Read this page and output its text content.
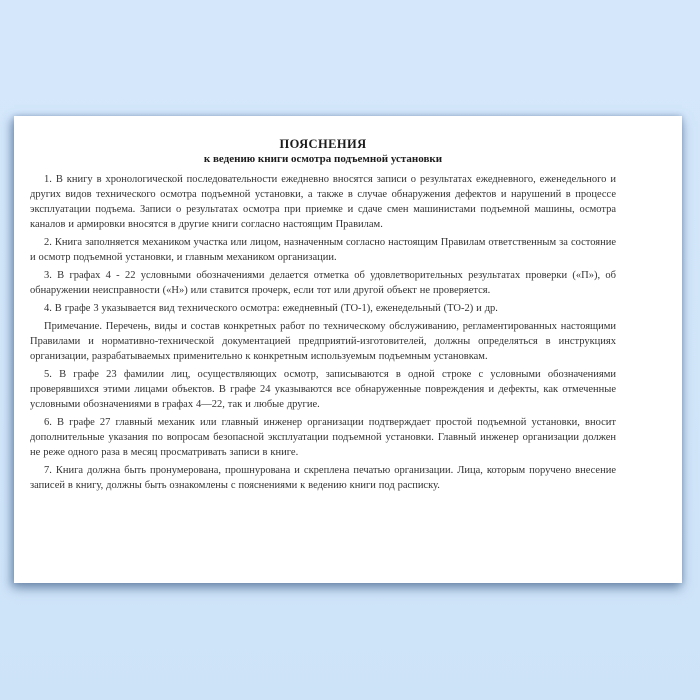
ПОЯСНЕНИЯ
к ведению книги осмотра подъемной установки

1. В книгу в хронологической последовательности ежедневно вносятся записи о результатах ежедневного, еженедельного и других видов технического осмотра подъемной установки, а также в случае обнаружения дефектов и нарушений в процессе эксплуатации подъема. Записи о результатах осмотра при приемке и сдаче смен машинистами подъемной машины, осмотра каналов и армировки вносятся в другие книги согласно настоящим Правилам.

2. Книга заполняется механиком участка или лицом, назначенным согласно настоящим Правилам ответственным за состояние и осмотр подъемной установки, и главным механиком организации.

3. В графах 4 - 22 условными обозначениями делается отметка об удовлетворительных результатах проверки («П»), об обнаружении неисправности («Н») или ставится прочерк, если тот или другой объект не проверяется.

4. В графе 3 указывается вид технического осмотра: ежедневный (ТО-1), еженедельный (ТО-2) и др.

Примечание. Перечень, виды и состав конкретных работ по техническому обслуживанию, регламентированных настоящими Правилами и нормативно-технической документацией предприятий-изготовителей, должны определяться в инструкциях организации, разрабатываемых применительно к конкретным используемым подъемным установкам.

5. В графе 23 фамилии лиц, осуществляющих осмотр, записываются в одной строке с условными обозначениями проверявшихся этими лицами объектов. В графе 24 указываются все обнаруженные повреждения и дефекты, как отмеченные условными обозначениями в графах 4—22, так и любые другие.

6. В графе 27 главный механик или главный инженер организации подтверждает простой подъемной установки, вносит дополнительные указания по вопросам безопасной эксплуатации подъемной установки. Главный инженер организации должен не реже одного раза в месяц просматривать записи в книге.

7. Книга должна быть пронумерована, прошнурована и скреплена печатью организации. Лица, которым поручено внесение записей в книгу, должны быть ознакомлены с пояснениями к ведению книги под расписку.
